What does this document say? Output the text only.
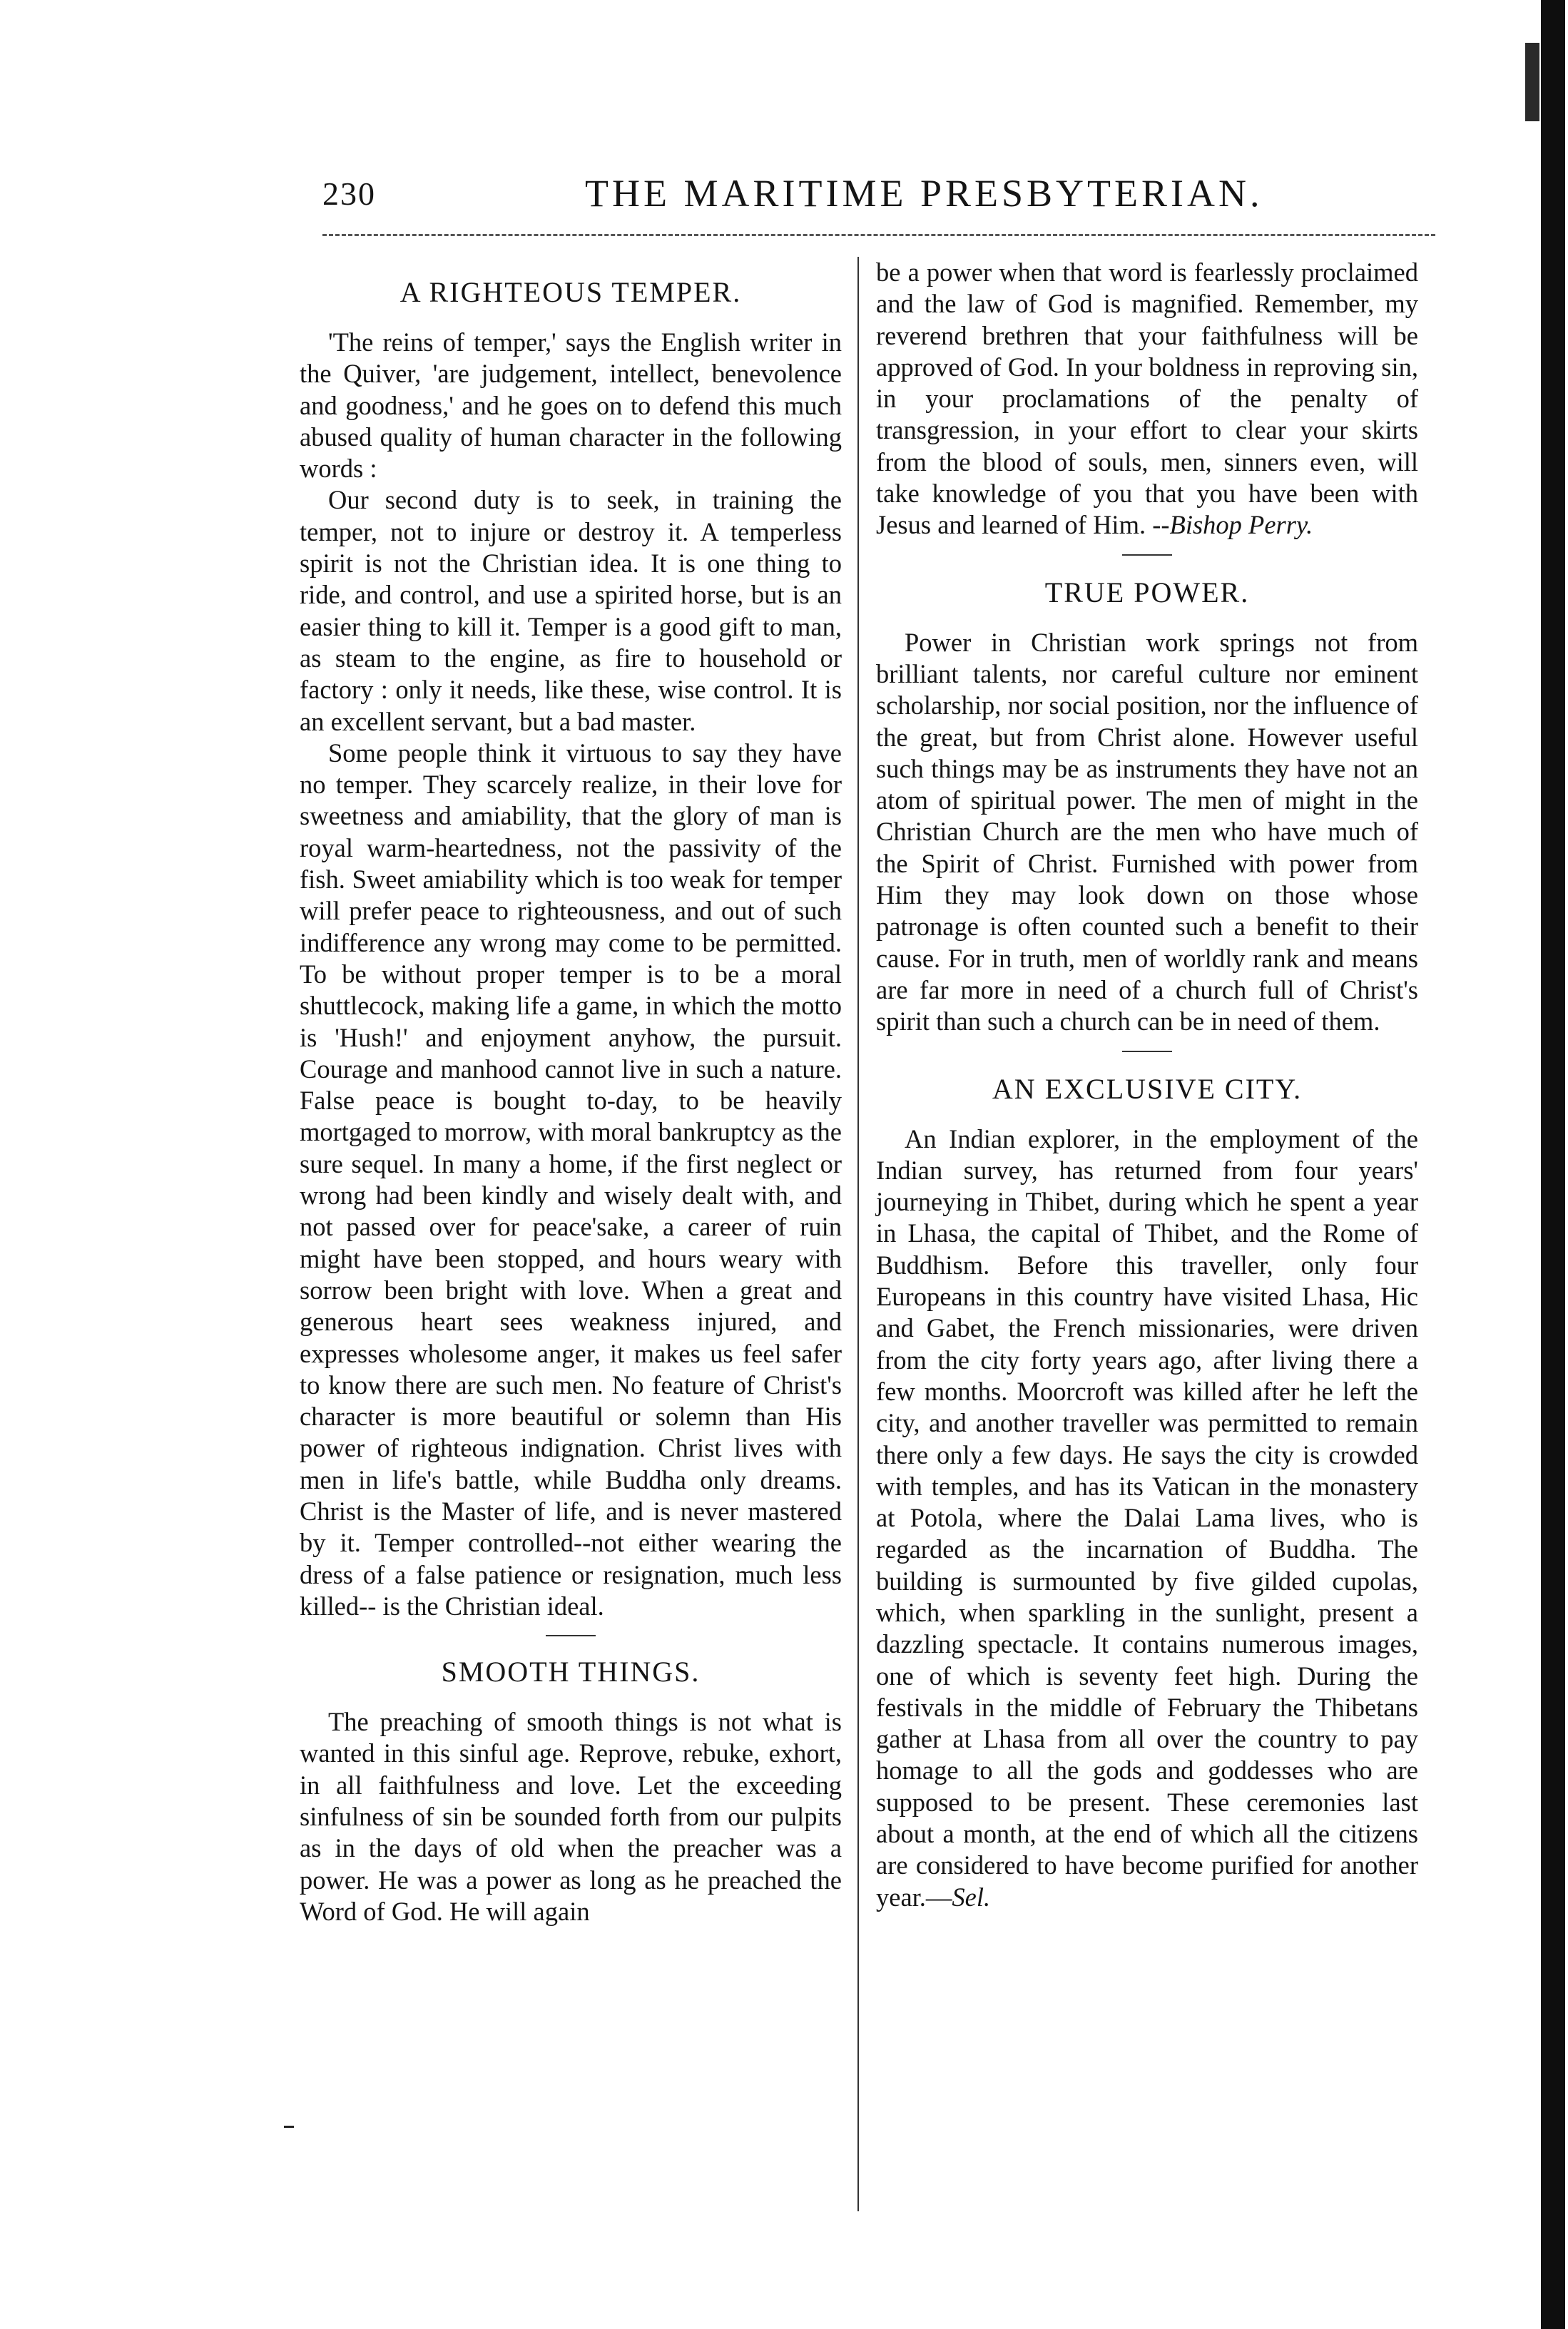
230	THE MARITIME PRESBYTERIAN.
A RIGHTEOUS TEMPER.

'The reins of temper,' says the English writer in the Quiver, 'are judgement, intellect, benevolence and goodness,' and he goes on to defend this much abused quality of human character in the following words :

Our second duty is to seek, in training the temper, not to injure or destroy it. A temperless spirit is not the Christian idea. It is one thing to ride, and control, and use a spirited horse, but is an easier thing to kill it. Temper is a good gift to man, as steam to the engine, as fire to household or factory : only it needs, like these, wise control. It is an excellent servant, but a bad master.

Some people think it virtuous to say they have no temper. They scarcely realize, in their love for sweetness and amiability, that the glory of man is royal warm-heartedness, not the passivity of the fish. Sweet amiability which is too weak for temper will prefer peace to righteousness, and out of such indifference any wrong may come to be permitted. To be without proper temper is to be a moral shuttlecock, making life a game, in which the motto is 'Hush!' and enjoyment anyhow, the pursuit. Courage and manhood cannot live in such a nature. False peace is bought to-day, to be heavily mortgaged to morrow, with moral bankruptcy as the sure sequel. In many a home, if the first neglect or wrong had been kindly and wisely dealt with, and not passed over for peace'sake, a career of ruin might have been stopped, and hours weary with sorrow been bright with love. When a great and generous heart sees weakness injured, and expresses wholesome anger, it makes us feel safer to know there are such men. No feature of Christ's character is more beautiful or solemn than His power of righteous indignation. Christ lives with men in life's battle, while Buddha only dreams. Christ is the Master of life, and is never mastered by it. Temper controlled--not either wearing the dress of a false patience or resignation, much less killed-- is the Christian ideal.

SMOOTH THINGS.

The preaching of smooth things is not what is wanted in this sinful age. Reprove, rebuke, exhort, in all faithfulness and love. Let the exceeding sinfulness of sin be sounded forth from our pulpits as in the days of old when the preacher was a power. He was a power as long as he preached the Word of God. He will again

be a power when that word is fearlessly proclaimed and the law of God is magnified. Remember, my reverend brethren that your faithfulness will be approved of God. In your boldness in reproving sin, in your proclamations of the penalty of transgression, in your effort to clear your skirts from the blood of souls, men, sinners even, will take knowledge of you that you have been with Jesus and learned of Him. --Bishop Perry.

TRUE POWER.

Power in Christian work springs not from brilliant talents, nor careful culture nor eminent scholarship, nor social position, nor the influence of the great, but from Christ alone. However useful such things may be as instruments they have not an atom of spiritual power. The men of might in the Christian Church are the men who have much of the Spirit of Christ. Furnished with power from Him they may look down on those whose patronage is often counted such a benefit to their cause. For in truth, men of worldly rank and means are far more in need of a church full of Christ's spirit than such a church can be in need of them.

AN EXCLUSIVE CITY.

An Indian explorer, in the employment of the Indian survey, has returned from four years' journeying in Thibet, during which he spent a year in Lhasa, the capital of Thibet, and the Rome of Buddhism. Before this traveller, only four Europeans in this country have visited Lhasa, Hic and Gabet, the French missionaries, were driven from the city forty years ago, after living there a few months. Moorcroft was killed after he left the city, and another traveller was permitted to remain there only a few days. He says the city is crowded with temples, and has its Vatican in the monastery at Potola, where the Dalai Lama lives, who is regarded as the incarnation of Buddha. The building is surmounted by five gilded cupolas, which, when sparkling in the sunlight, present a dazzling spectacle. It contains numerous images, one of which is seventy feet high. During the festivals in the middle of February the Thibetans gather at Lhasa from all over the country to pay homage to all the gods and goddesses who are supposed to be present. These ceremonies last about a month, at the end of which all the citizens are considered to have become purified for another year.—Sel.
